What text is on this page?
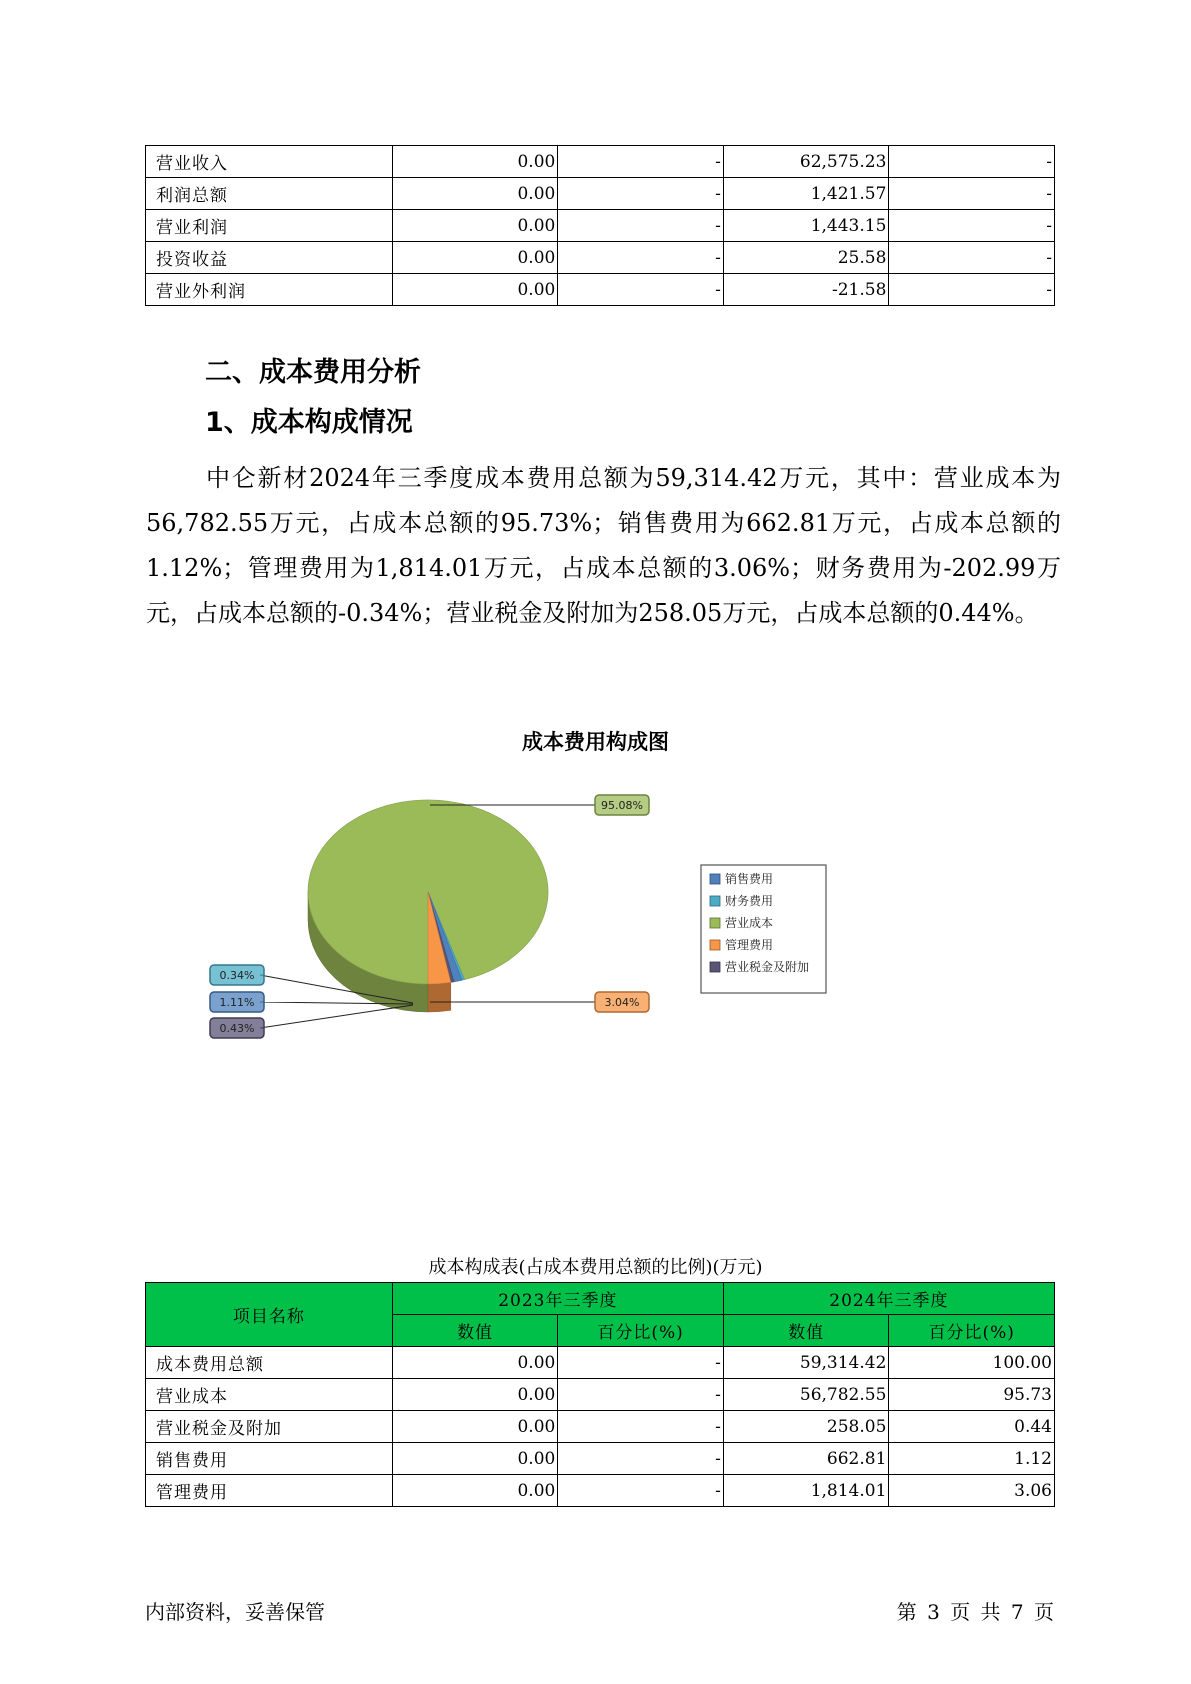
营业收入	0.00	-	62,575.23	-
利润总额	0.00	-	1,421.57	-
营业利润	0.00	-	1,443.15	-
投资收益	0.00	-	25.58	-
营业外利润	0.00	-	-21.58	-
二、成本费用分析
1、成本构成情况

中仑新材2024年三季度成本费用总额为59,314.42万元，其中：营业成本为56,782.55万元，占成本总额的95.73%；销售费用为662.81万元，占成本总额的1.12%；管理费用为1,814.01万元，占成本总额的3.06%；财务费用为-202.99万元，占成本总额的-0.34%；营业税金及附加为258.05万元，占成本总额的0.44%。

成本费用构成图

1.11%
0.34%
95.08%
3.04%
0.43%
销售费用
财务费用
营业成本
管理费用
营业税金及附加

成本构成表(占成本费用总额的比例)(万元)

项目名称	2023年三季度		2024年三季度	
	数值	百分比(%)	数值	百分比(%)
成本费用总额	0.00	-	59,314.42	100.00
营业成本	0.00	-	56,782.55	95.73
营业税金及附加	0.00	-	258.05	0.44
销售费用	0.00	-	662.81	1.12
管理费用	0.00	-	1,814.01	3.06

内部资料，妥善保管	第 3 页 共 7 页
